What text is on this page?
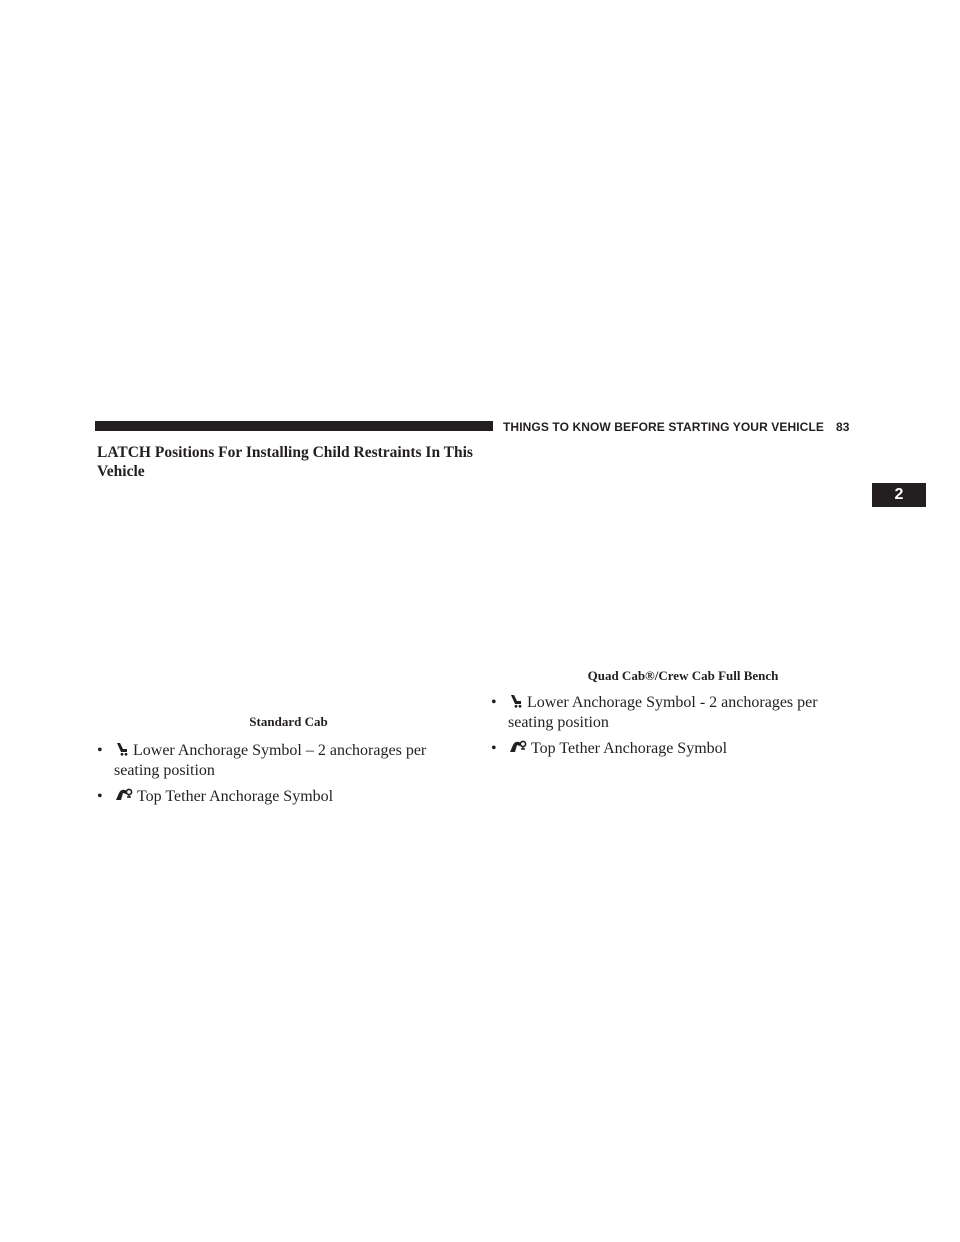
THINGS TO KNOW BEFORE STARTING YOUR VEHICLE 83
2
LATCH Positions For Installing Child Restraints In This Vehicle
Standard Cab
Quad Cab®/Crew Cab Full Bench
•	Lower Anchorage Symbol – 2 anchorages per
seating position
•	Top Tether Anchorage Symbol
•	Lower Anchorage Symbol - 2 anchorages per
seating position
•	Top Tether Anchorage Symbol
